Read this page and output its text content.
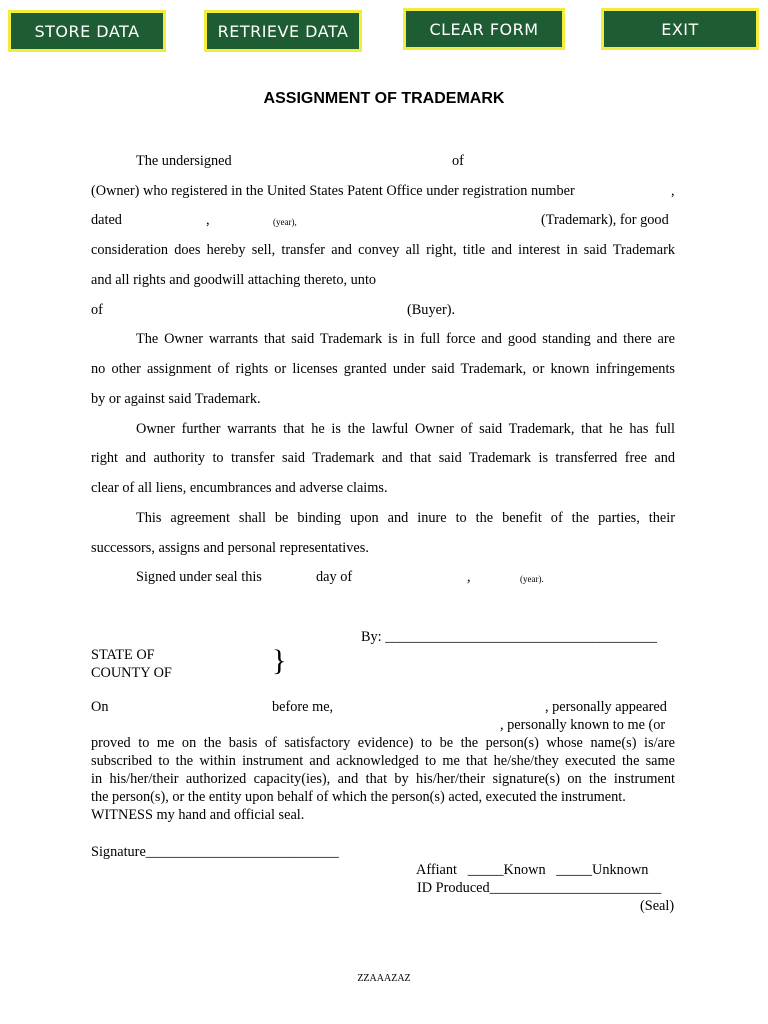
STORE DATA	RETRIEVE DATA	CLEAR FORM	EXIT
ASSIGNMENT OF TRADEMARK
The undersigned	of
(Owner) who registered in the United States Patent Office under registration number	,
dated	,	(year),	(Trademark), for good
consideration does hereby sell, transfer and convey all right, title and interest in said Trademark
and all rights and goodwill attaching thereto, unto
of	(Buyer).
The Owner warrants that said Trademark is in full force and good standing and there are
no other assignment of rights or licenses granted under said Trademark, or known infringements
by or against said Trademark.
Owner further warrants that he is the lawful Owner of said Trademark, that he has full
right and authority to transfer said Trademark and that said Trademark is transferred free and
clear of all liens, encumbrances and adverse claims.
This agreement shall be binding upon and inure to the benefit of the parties, their
successors, assigns and personal representatives.
Signed under seal this	day of	,	(year).
By: ______________________________________
STATE OF
COUNTY OF	}
On	before me,	, personally appeared
, personally known to me (or
proved to me on the basis of satisfactory evidence) to be the person(s) whose name(s) is/are
subscribed to the within instrument and acknowledged to me that he/she/they executed the same
in his/her/their authorized capacity(ies), and that by his/her/their signature(s) on the instrument
the person(s), or the entity upon behalf of which the person(s) acted, executed the instrument.
WITNESS my hand and official seal.
Signature___________________________
Affiant   _____Known   _____Unknown
ID Produced________________________
(Seal)
ZZAAAZAZ
